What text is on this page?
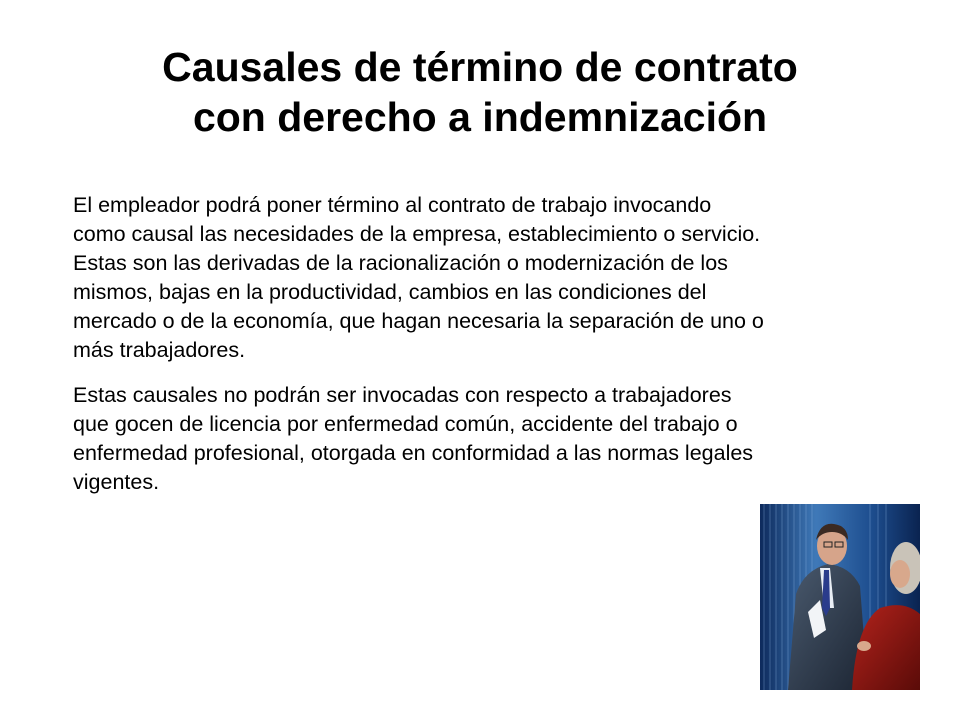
Causales de término de contrato
con derecho a indemnización

El empleador podrá poner término al contrato de trabajo invocando
como causal las necesidades de la empresa, establecimiento o servicio.
Estas son las derivadas de la racionalización o modernización de los
mismos, bajas en la productividad, cambios en las condiciones del
mercado o de la economía, que hagan necesaria la separación de uno o
más trabajadores.

Estas causales no podrán ser invocadas con respecto a trabajadores
que gocen de licencia por enfermedad común, accidente del trabajo o
enfermedad profesional, otorgada en conformidad a las normas legales
vigentes.
